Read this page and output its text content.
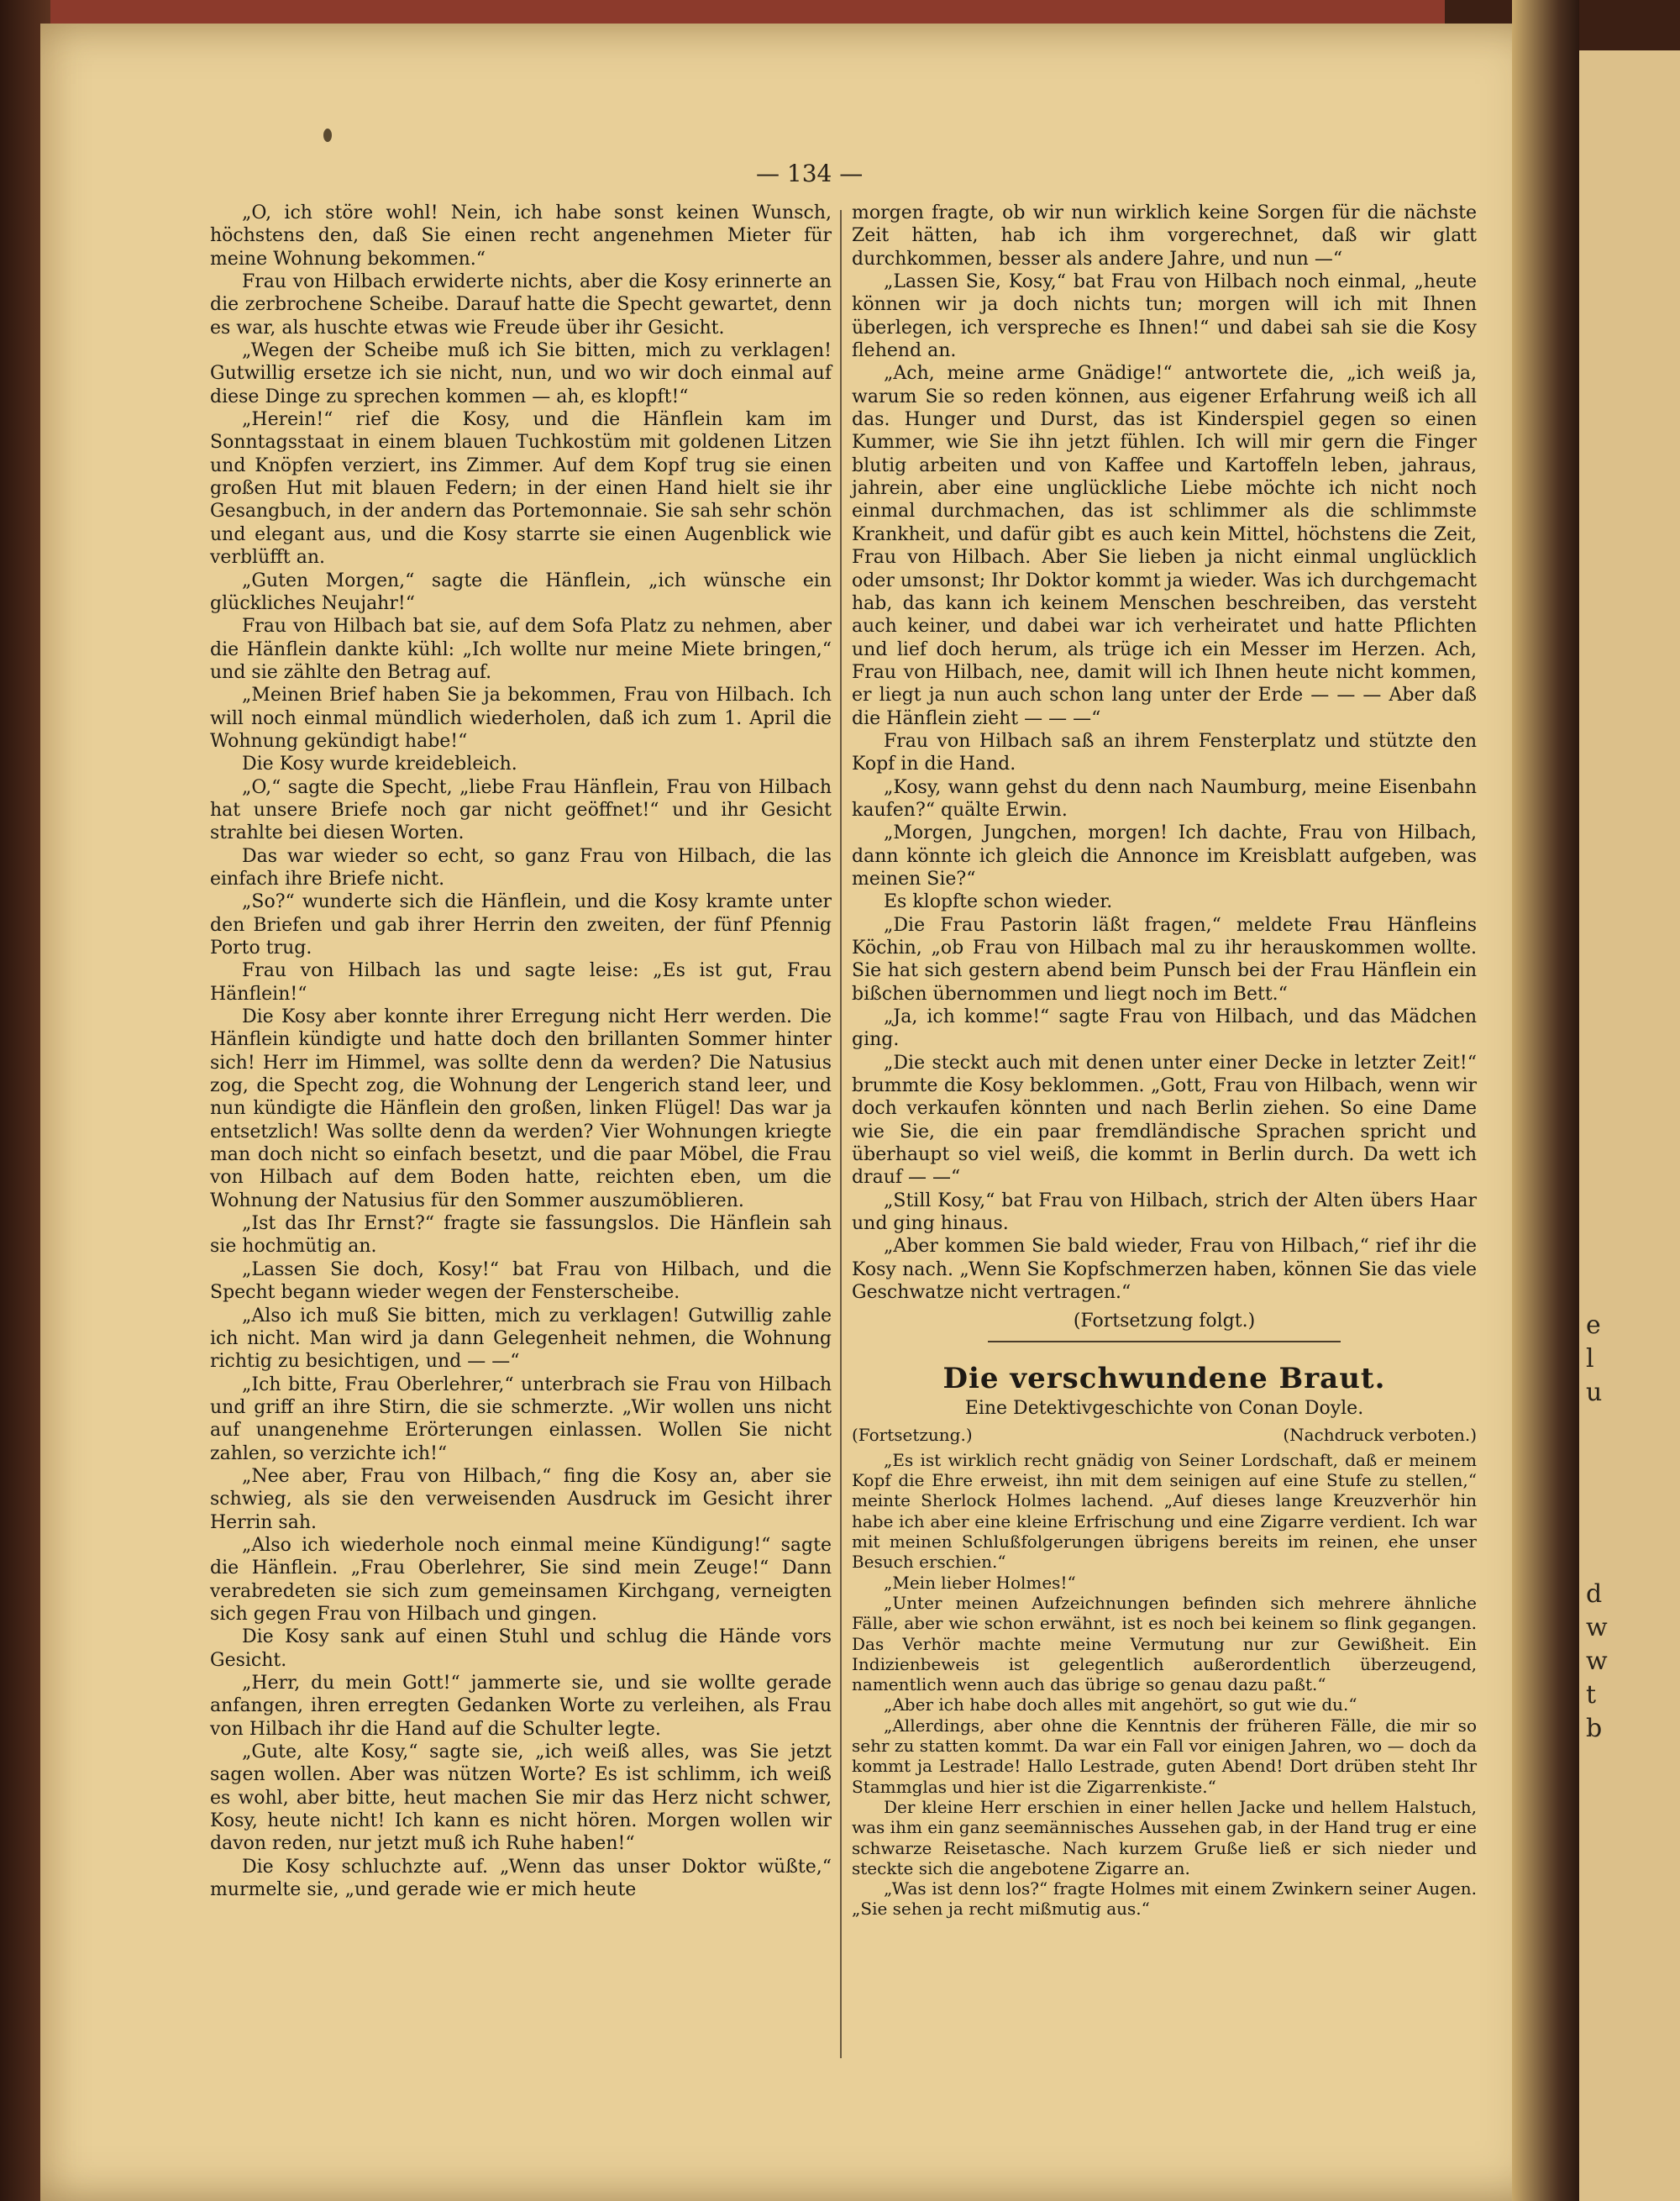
e
l
u
d
w
w
t
b
— 134 —

„O, ich störe wohl! Nein, ich habe sonst keinen Wunsch, höchstens den, daß Sie einen recht angenehmen Mieter für meine Wohnung bekommen.“

Frau von Hilbach erwiderte nichts, aber die Kosy erinnerte an die zerbrochene Scheibe. Darauf hatte die Specht gewartet, denn es war, als huschte etwas wie Freude über ihr Gesicht.

„Wegen der Scheibe muß ich Sie bitten, mich zu verklagen! Gutwillig ersetze ich sie nicht, nun, und wo wir doch einmal auf diese Dinge zu sprechen kommen — ah, es klopft!“

„Herein!“ rief die Kosy, und die Hänflein kam im Sonntagsstaat in einem blauen Tuchkostüm mit goldenen Litzen und Knöpfen verziert, ins Zimmer. Auf dem Kopf trug sie einen großen Hut mit blauen Federn; in der einen Hand hielt sie ihr Gesangbuch, in der andern das Portemonnaie. Sie sah sehr schön und elegant aus, und die Kosy starrte sie einen Augenblick wie verblüfft an.

„Guten Morgen,“ sagte die Hänflein, „ich wünsche ein glückliches Neujahr!“

Frau von Hilbach bat sie, auf dem Sofa Platz zu nehmen, aber die Hänflein dankte kühl: „Ich wollte nur meine Miete bringen,“ und sie zählte den Betrag auf.

„Meinen Brief haben Sie ja bekommen, Frau von Hilbach. Ich will noch einmal mündlich wiederholen, daß ich zum 1. April die Wohnung gekündigt habe!“

Die Kosy wurde kreidebleich.

„O,“ sagte die Specht, „liebe Frau Hänflein, Frau von Hilbach hat unsere Briefe noch gar nicht geöffnet!“ und ihr Gesicht strahlte bei diesen Worten.

Das war wieder so echt, so ganz Frau von Hilbach, die las einfach ihre Briefe nicht.

„So?“ wunderte sich die Hänflein, und die Kosy kramte unter den Briefen und gab ihrer Herrin den zweiten, der fünf Pfennig Porto trug.

Frau von Hilbach las und sagte leise: „Es ist gut, Frau Hänflein!“

Die Kosy aber konnte ihrer Erregung nicht Herr werden. Die Hänflein kündigte und hatte doch den brillanten Sommer hinter sich! Herr im Himmel, was sollte denn da werden? Die Natusius zog, die Specht zog, die Wohnung der Lengerich stand leer, und nun kündigte die Hänflein den großen, linken Flügel! Das war ja entsetzlich! Was sollte denn da werden? Vier Wohnungen kriegte man doch nicht so einfach besetzt, und die paar Möbel, die Frau von Hilbach auf dem Boden hatte, reichten eben, um die Wohnung der Natusius für den Sommer auszumöblieren.

„Ist das Ihr Ernst?“ fragte sie fassungslos. Die Hänflein sah sie hochmütig an.

„Lassen Sie doch, Kosy!“ bat Frau von Hilbach, und die Specht begann wieder wegen der Fensterscheibe.

„Also ich muß Sie bitten, mich zu verklagen! Gutwillig zahle ich nicht. Man wird ja dann Gelegenheit nehmen, die Wohnung richtig zu besichtigen, und — —“

„Ich bitte, Frau Oberlehrer,“ unterbrach sie Frau von Hilbach und griff an ihre Stirn, die sie schmerzte. „Wir wollen uns nicht auf unangenehme Erörterungen einlassen. Wollen Sie nicht zahlen, so verzichte ich!“

„Nee aber, Frau von Hilbach,“ fing die Kosy an, aber sie schwieg, als sie den verweisenden Ausdruck im Gesicht ihrer Herrin sah.

„Also ich wiederhole noch einmal meine Kündigung!“ sagte die Hänflein. „Frau Oberlehrer, Sie sind mein Zeuge!“ Dann verabredeten sie sich zum gemeinsamen Kirchgang, verneigten sich gegen Frau von Hilbach und gingen.

Die Kosy sank auf einen Stuhl und schlug die Hände vors Gesicht.

„Herr, du mein Gott!“ jammerte sie, und sie wollte gerade anfangen, ihren erregten Gedanken Worte zu verleihen, als Frau von Hilbach ihr die Hand auf die Schulter legte.

„Gute, alte Kosy,“ sagte sie, „ich weiß alles, was Sie jetzt sagen wollen. Aber was nützen Worte? Es ist schlimm, ich weiß es wohl, aber bitte, heut machen Sie mir das Herz nicht schwer, Kosy, heute nicht! Ich kann es nicht hören. Morgen wollen wir davon reden, nur jetzt muß ich Ruhe haben!“

Die Kosy schluchzte auf. „Wenn das unser Doktor wüßte,“ murmelte sie, „und gerade wie er mich heute

morgen fragte, ob wir nun wirklich keine Sorgen für die nächste Zeit hätten, hab ich ihm vorgerechnet, daß wir glatt durchkommen, besser als andere Jahre, und nun —“

„Lassen Sie, Kosy,“ bat Frau von Hilbach noch einmal, „heute können wir ja doch nichts tun; morgen will ich mit Ihnen überlegen, ich verspreche es Ihnen!“ und dabei sah sie die Kosy flehend an.

„Ach, meine arme Gnädige!“ antwortete die, „ich weiß ja, warum Sie so reden können, aus eigener Erfahrung weiß ich all das. Hunger und Durst, das ist Kinderspiel gegen so einen Kummer, wie Sie ihn jetzt fühlen. Ich will mir gern die Finger blutig arbeiten und von Kaffee und Kartoffeln leben, jahraus, jahrein, aber eine unglückliche Liebe möchte ich nicht noch einmal durchmachen, das ist schlimmer als die schlimmste Krankheit, und dafür gibt es auch kein Mittel, höchstens die Zeit, Frau von Hilbach. Aber Sie lieben ja nicht einmal unglücklich oder umsonst; Ihr Doktor kommt ja wieder. Was ich durchgemacht hab, das kann ich keinem Menschen beschreiben, das versteht auch keiner, und dabei war ich verheiratet und hatte Pflichten und lief doch herum, als trüge ich ein Messer im Herzen. Ach, Frau von Hilbach, nee, damit will ich Ihnen heute nicht kommen, er liegt ja nun auch schon lang unter der Erde — — — Aber daß die Hänflein zieht — — —“

Frau von Hilbach saß an ihrem Fensterplatz und stützte den Kopf in die Hand.

„Kosy, wann gehst du denn nach Naumburg, meine Eisenbahn kaufen?“ quälte Erwin.

„Morgen, Jungchen, morgen! Ich dachte, Frau von Hilbach, dann könnte ich gleich die Annonce im Kreisblatt aufgeben, was meinen Sie?“

Es klopfte schon wieder.

„Die Frau Pastorin läßt fragen,“ meldete Frau Hänfleins Köchin, „ob Frau von Hilbach mal zu ihr herauskommen wollte. Sie hat sich gestern abend beim Punsch bei der Frau Hänflein ein bißchen übernommen und liegt noch im Bett.“

„Ja, ich komme!“ sagte Frau von Hilbach, und das Mädchen ging.

„Die steckt auch mit denen unter einer Decke in letzter Zeit!“ brummte die Kosy beklommen. „Gott, Frau von Hilbach, wenn wir doch verkaufen könnten und nach Berlin ziehen. So eine Dame wie Sie, die ein paar fremdländische Sprachen spricht und überhaupt so viel weiß, die kommt in Berlin durch. Da wett ich drauf — —“

„Still Kosy,“ bat Frau von Hilbach, strich der Alten übers Haar und ging hinaus.

„Aber kommen Sie bald wieder, Frau von Hilbach,“ rief ihr die Kosy nach. „Wenn Sie Kopfschmerzen haben, können Sie das viele Geschwatze nicht vertragen.“

(Fortsetzung folgt.)
Die verschwundene Braut.
Eine Detektivgeschichte von Conan Doyle.
(Fortsetzung.)	(Nachdruck verboten.)

„Es ist wirklich recht gnädig von Seiner Lordschaft, daß er meinem Kopf die Ehre erweist, ihn mit dem seinigen auf eine Stufe zu stellen,“ meinte Sherlock Holmes lachend. „Auf dieses lange Kreuzverhör hin habe ich aber eine kleine Erfrischung und eine Zigarre verdient. Ich war mit meinen Schlußfolgerungen übrigens bereits im reinen, ehe unser Besuch erschien.“

„Mein lieber Holmes!“

„Unter meinen Aufzeichnungen befinden sich mehrere ähnliche Fälle, aber wie schon erwähnt, ist es noch bei keinem so flink gegangen. Das Verhör machte meine Vermutung nur zur Gewißheit. Ein Indizienbeweis ist gelegentlich außerordentlich überzeugend, namentlich wenn auch das übrige so genau dazu paßt.“

„Aber ich habe doch alles mit angehört, so gut wie du.“

„Allerdings, aber ohne die Kenntnis der früheren Fälle, die mir so sehr zu statten kommt. Da war ein Fall vor einigen Jahren, wo — doch da kommt ja Lestrade! Hallo Lestrade, guten Abend! Dort drüben steht Ihr Stammglas und hier ist die Zigarrenkiste.“

Der kleine Herr erschien in einer hellen Jacke und hellem Halstuch, was ihm ein ganz seemännisches Aussehen gab, in der Hand trug er eine schwarze Reisetasche. Nach kurzem Gruße ließ er sich nieder und steckte sich die angebotene Zigarre an.

„Was ist denn los?“ fragte Holmes mit einem Zwinkern seiner Augen. „Sie sehen ja recht mißmutig aus.“
